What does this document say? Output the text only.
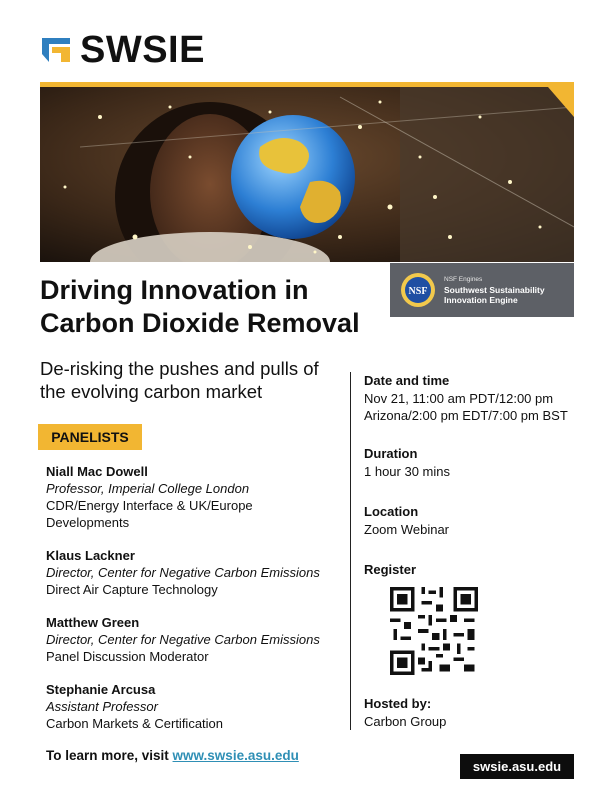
SWSIE
NSF
NSF Engines
Southwest Sustainability
Innovation Engine
Driving Innovation in
Carbon Dioxide Removal
De-risking the pushes and pulls of
the evolving carbon market
PANELISTS
Niall Mac Dowell
Professor, Imperial College London
CDR/Energy Interface & UK/Europe
Developments
Klaus Lackner
Director, Center for Negative Carbon Emissions
Direct Air Capture Technology
Matthew Green
Director, Center for Negative Carbon Emissions
Panel Discussion Moderator
Stephanie Arcusa
Assistant Professor
Carbon Markets & Certification
Date and time
Nov 21, 11:00 am PDT/12:00 pm
Arizona/2:00 pm EDT/7:00 pm BST
Duration
1 hour 30 mins
Location
Zoom Webinar
Register
Hosted by:
Carbon Group
To learn more, visit www.swsie.asu.edu
swsie.asu.edu
